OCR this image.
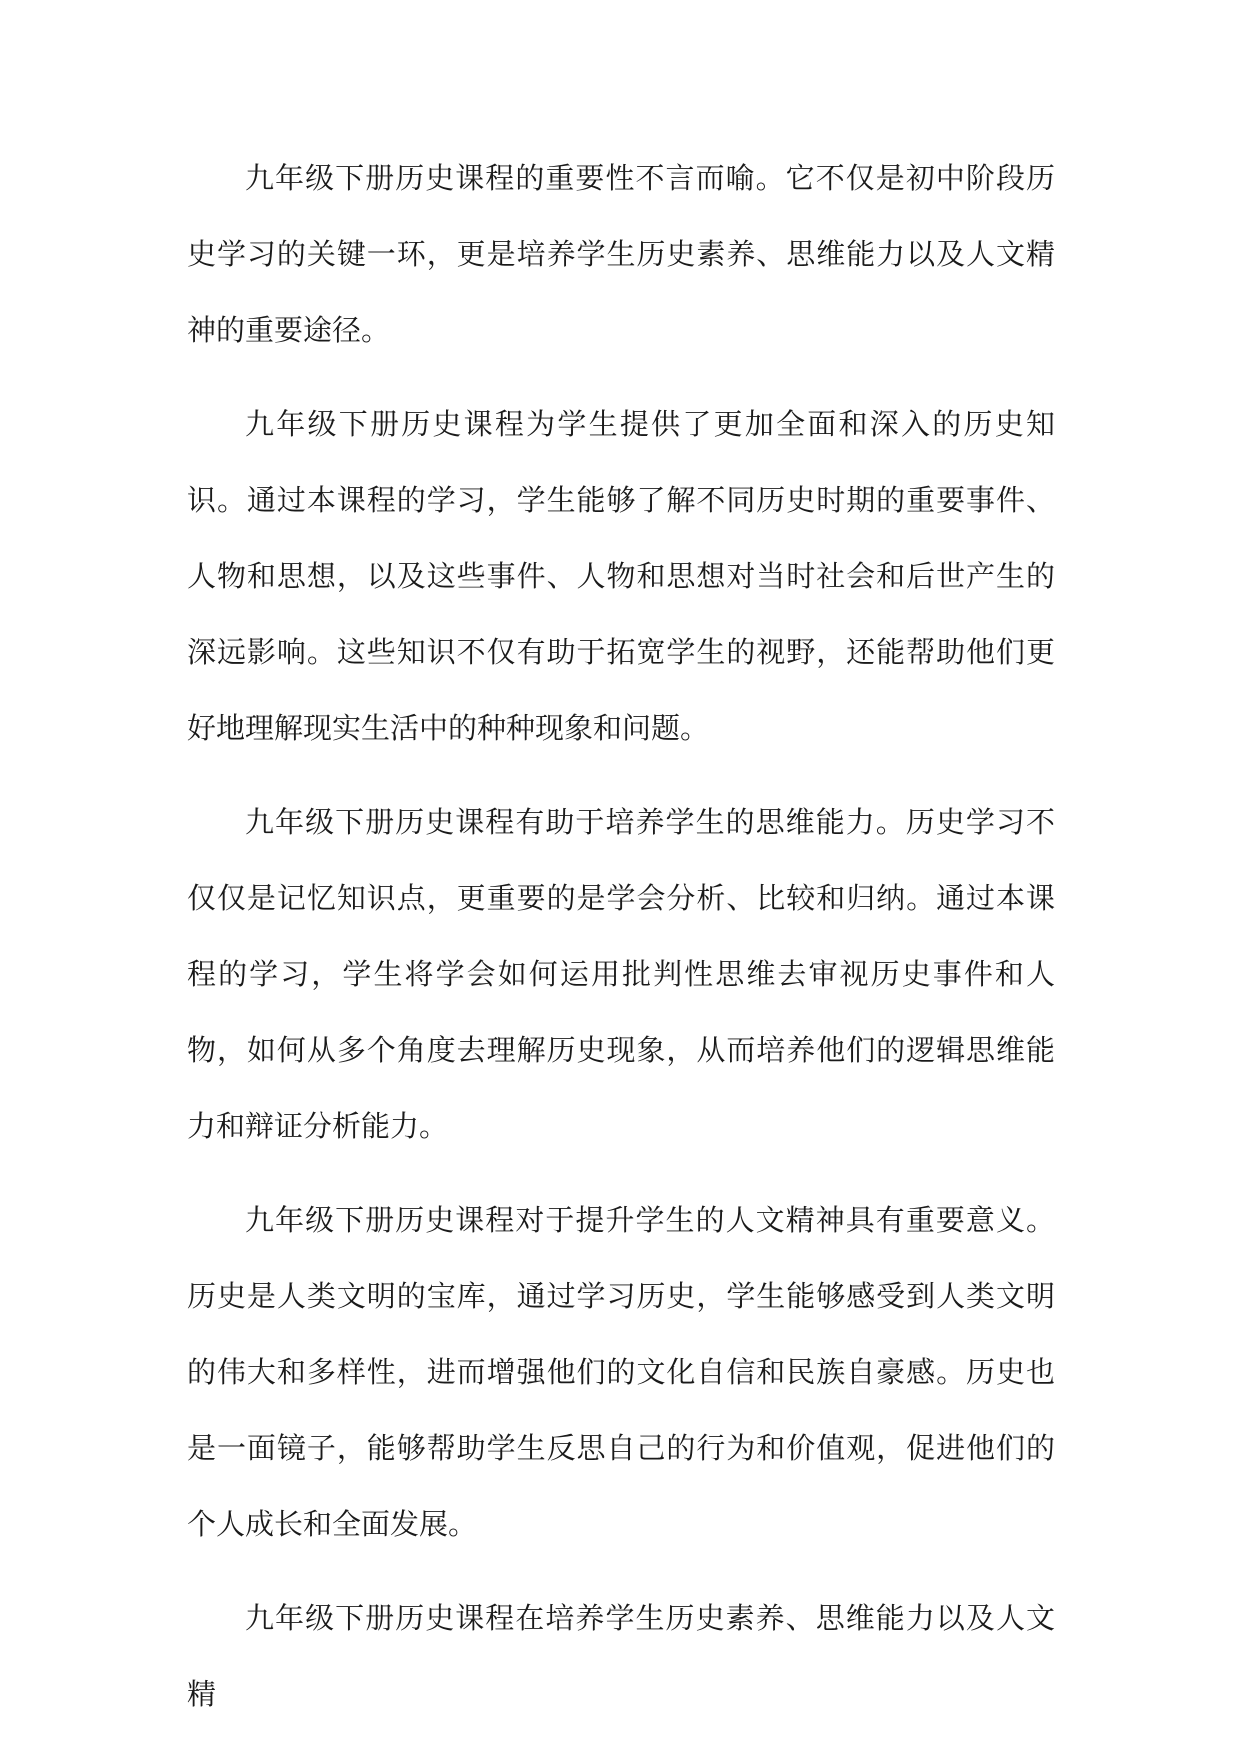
九年级下册历史课程的重要性不言而喻。它不仅是初中阶段历史学习的关键一环，更是培养学生历史素养、思维能力以及人文精神的重要途径。

九年级下册历史课程为学生提供了更加全面和深入的历史知识。通过本课程的学习，学生能够了解不同历史时期的重要事件、人物和思想，以及这些事件、人物和思想对当时社会和后世产生的深远影响。这些知识不仅有助于拓宽学生的视野，还能帮助他们更好地理解现实生活中的种种现象和问题。

九年级下册历史课程有助于培养学生的思维能力。历史学习不仅仅是记忆知识点，更重要的是学会分析、比较和归纳。通过本课程的学习，学生将学会如何运用批判性思维去审视历史事件和人物，如何从多个角度去理解历史现象，从而培养他们的逻辑思维能力和辩证分析能力。

九年级下册历史课程对于提升学生的人文精神具有重要意义。历史是人类文明的宝库，通过学习历史，学生能够感受到人类文明的伟大和多样性，进而增强他们的文化自信和民族自豪感。历史也是一面镜子，能够帮助学生反思自己的行为和价值观，促进他们的个人成长和全面发展。

九年级下册历史课程在培养学生历史素养、思维能力以及人文精
